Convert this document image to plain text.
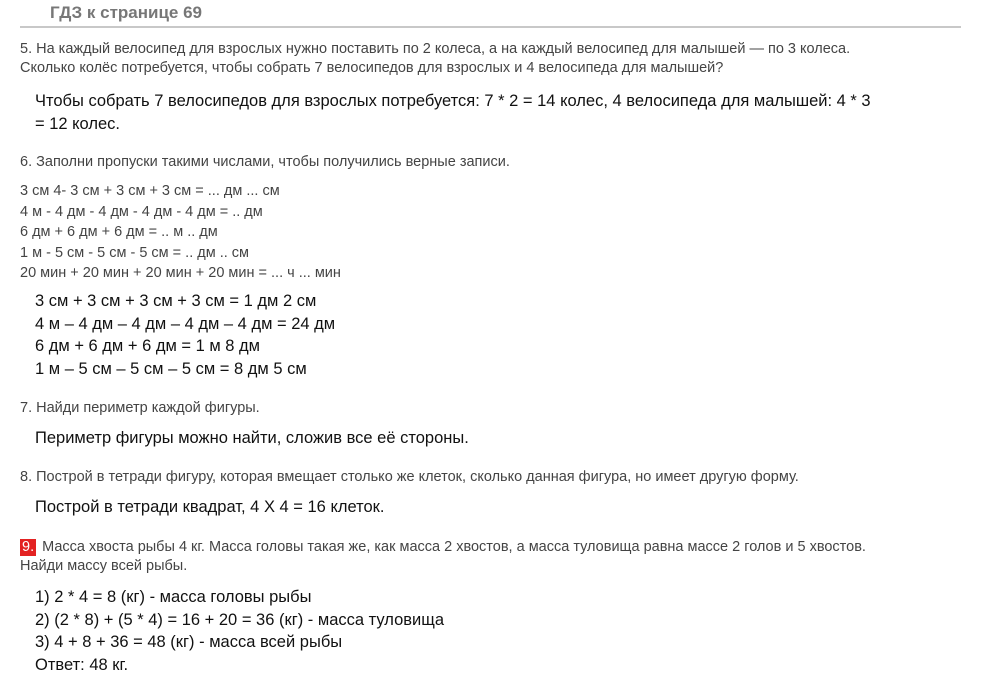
ГДЗ к странице 69
5. На каждый велосипед для взрослых нужно поставить по 2 колеса, а на каждый велосипед для малышей — по 3 колеса.
Сколько колёс потребуется, чтобы собрать 7 велосипедов для взрослых и 4 велосипеда для малышей?
Чтобы собрать 7 велосипедов для взрослых потребуется: 7 * 2 = 14 колес, 4 велосипеда для малышей: 4 * 3
= 12 колес.
6. Заполни пропуски такими числами, чтобы получились верные записи.
3 см 4- 3 см + 3 см + 3 см = ... дм ... см
4 м - 4 дм - 4 дм - 4 дм - 4 дм = .. дм
6 дм + 6 дм + 6 дм = .. м .. дм
1 м - 5 см - 5 см - 5 см = .. дм .. см
20 мин + 20 мин + 20 мин + 20 мин = ... ч ... мин
3 см + 3 см + 3 см + 3 см = 1 дм 2 см
4 м – 4 дм – 4 дм – 4 дм – 4 дм = 24 дм
6 дм + 6 дм + 6 дм = 1 м 8 дм
1 м – 5 см – 5 см – 5 см = 8 дм 5 см
7. Найди периметр каждой фигуры.
Периметр фигуры можно найти, сложив все её стороны.
8. Построй в тетради фигуру, которая вмещает столько же клеток, сколько данная фигура, но имеет другую форму.
Построй в тетради квадрат, 4 Х 4 = 16 клеток.
9. Масса хвоста рыбы 4 кг. Масса головы такая же, как масса 2 хвостов, а масса туловища равна массе 2 голов и 5 хвостов.
Найди массу всей рыбы.
1) 2 * 4 = 8 (кг) - масса головы рыбы
2) (2 * 8) + (5 * 4) = 16 + 20 = 36 (кг) - масса туловища
3) 4 + 8 + 36 = 48 (кг) - масса всей рыбы
Ответ: 48 кг.
